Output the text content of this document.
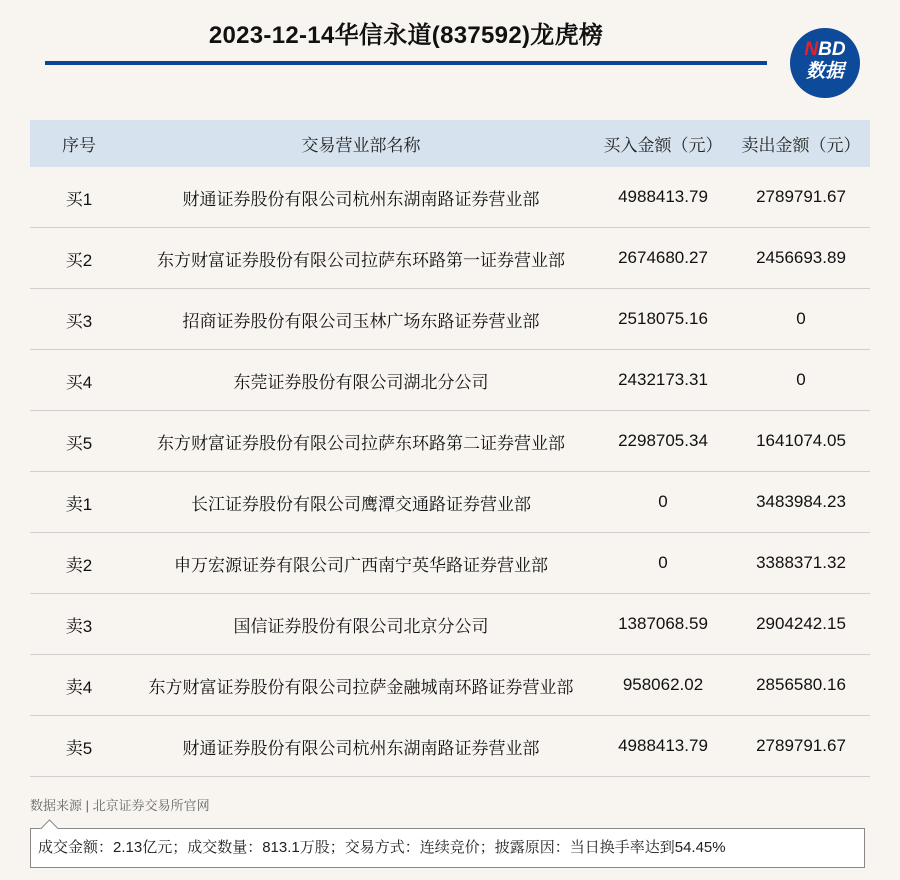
2023-12-14华信永道(837592)龙虎榜
NBD
数据
序号	交易营业部名称	买入金额（元）	卖出金额（元）
买1	财通证券股份有限公司杭州东湖南路证券营业部	4988413.79	2789791.67
买2	东方财富证券股份有限公司拉萨东环路第一证券营业部	2674680.27	2456693.89
买3	招商证券股份有限公司玉林广场东路证券营业部	2518075.16	0
买4	东莞证券股份有限公司湖北分公司	2432173.31	0
买5	东方财富证券股份有限公司拉萨东环路第二证券营业部	2298705.34	1641074.05
卖1	长江证券股份有限公司鹰潭交通路证券营业部	0	3483984.23
卖2	申万宏源证券有限公司广西南宁英华路证券营业部	0	3388371.32
卖3	国信证券股份有限公司北京分公司	1387068.59	2904242.15
卖4	东方财富证券股份有限公司拉萨金融城南环路证券营业部	958062.02	2856580.16
卖5	财通证券股份有限公司杭州东湖南路证券营业部	4988413.79	2789791.67
数据来源 | 北京证券交易所官网
成交金额：2.13亿元；成交数量：813.1万股；交易方式：连续竞价；披露原因：当日换手率达到54.45%
